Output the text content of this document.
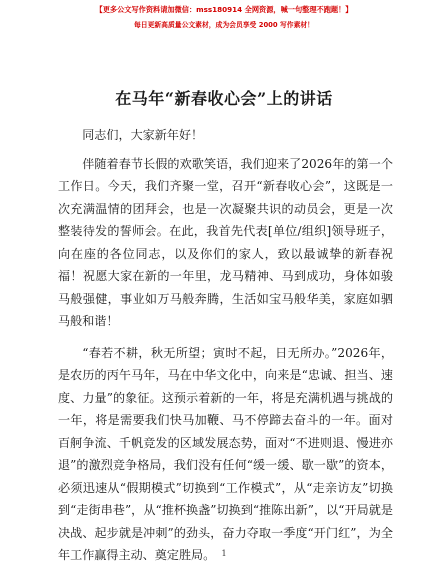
【更多公文写作资料请加微信：mss180914 全网资源，喊一句整理不跑题！】
每日更新高质量公文素材，成为会员享受 2000 写作素材！
在马年“新春收心会”上的讲话

同志们，大家新年好！

伴随着春节长假的欢歌笑语，我们迎来了2026年的第一个工作日。今天，我们齐聚一堂，召开“新春收心会”，这既是一次充满温情的团拜会，也是一次凝聚共识的动员会，更是一次整装待发的誓师会。在此，我首先代表[单位/组织]领导班子，向在座的各位同志，以及你们的家人，致以最诚挚的新春祝福！祝愿大家在新的一年里，龙马精神、马到成功，身体如骏马般强健，事业如万马般奔腾，生活如宝马般华美，家庭如驷马般和谐！

“春若不耕，秋无所望；寅时不起，日无所办。”2026年，是农历的丙午马年，马在中华文化中，向来是“忠诚、担当、速度、力量”的象征。这预示着新的一年，将是充满机遇与挑战的一年，将是需要我们快马加鞭、马不停蹄去奋斗的一年。面对百舸争流、千帆竞发的区域发展态势，面对“不进则退、慢进亦退”的激烈竞争格局，我们没有任何“缓一缓、歇一歇”的资本，必须迅速从“假期模式”切换到“工作模式”，从“走亲访友”切换到“走街串巷”，从“推杯换盏”切换到“推陈出新”，以“开局就是决战、起步就是冲刺”的劲头，奋力夺取一季度“开门红”，为全年工作赢得主动、奠定胜局。 1
